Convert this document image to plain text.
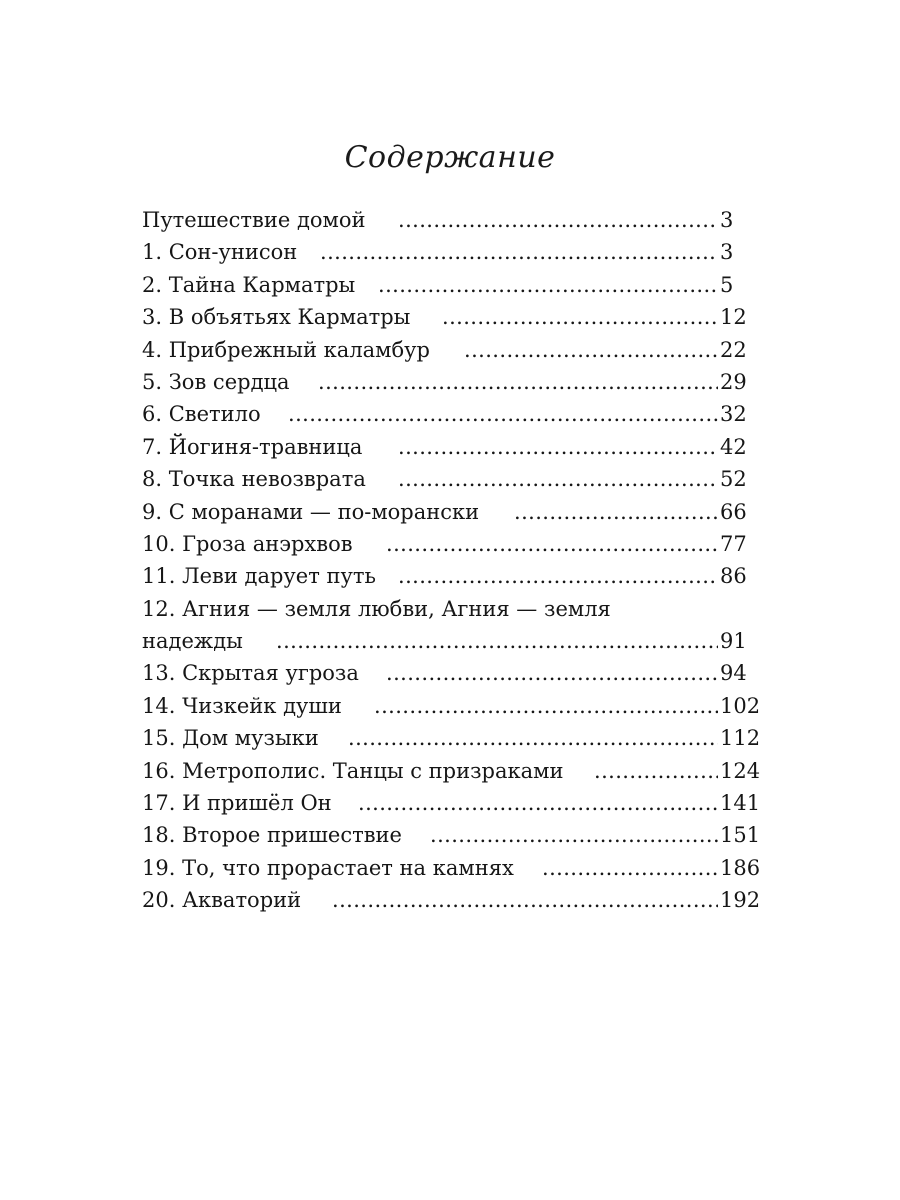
Содержание
Путешествие домой .....	3
1. Сон-унисон .....	3
2. Тайна Карматры .....	5
3. В объятьях Карматры .....	12
4. Прибрежный каламбур .....	22
5. Зов сердца .....	29
6. Светило .....	32
7. Йогиня-травница .....	42
8. Точка невозврата .....	52
9. С моранами — по-морански .....	66
10. Гроза анэрхвов .....	77
11. Леви дарует путь .....	86
12. Агния — земля любви, Агния — земля
надежды .....	91
13. Скрытая угроза .....	94
14. Чизкейк души .....	102
15. Дом музыки .....	112
16. Метрополис. Танцы с призраками .....	124
17. И пришёл Он .....	141
18. Второе пришествие .....	151
19. То, что прорастает на камнях .....	186
20. Акваторий .....	192
